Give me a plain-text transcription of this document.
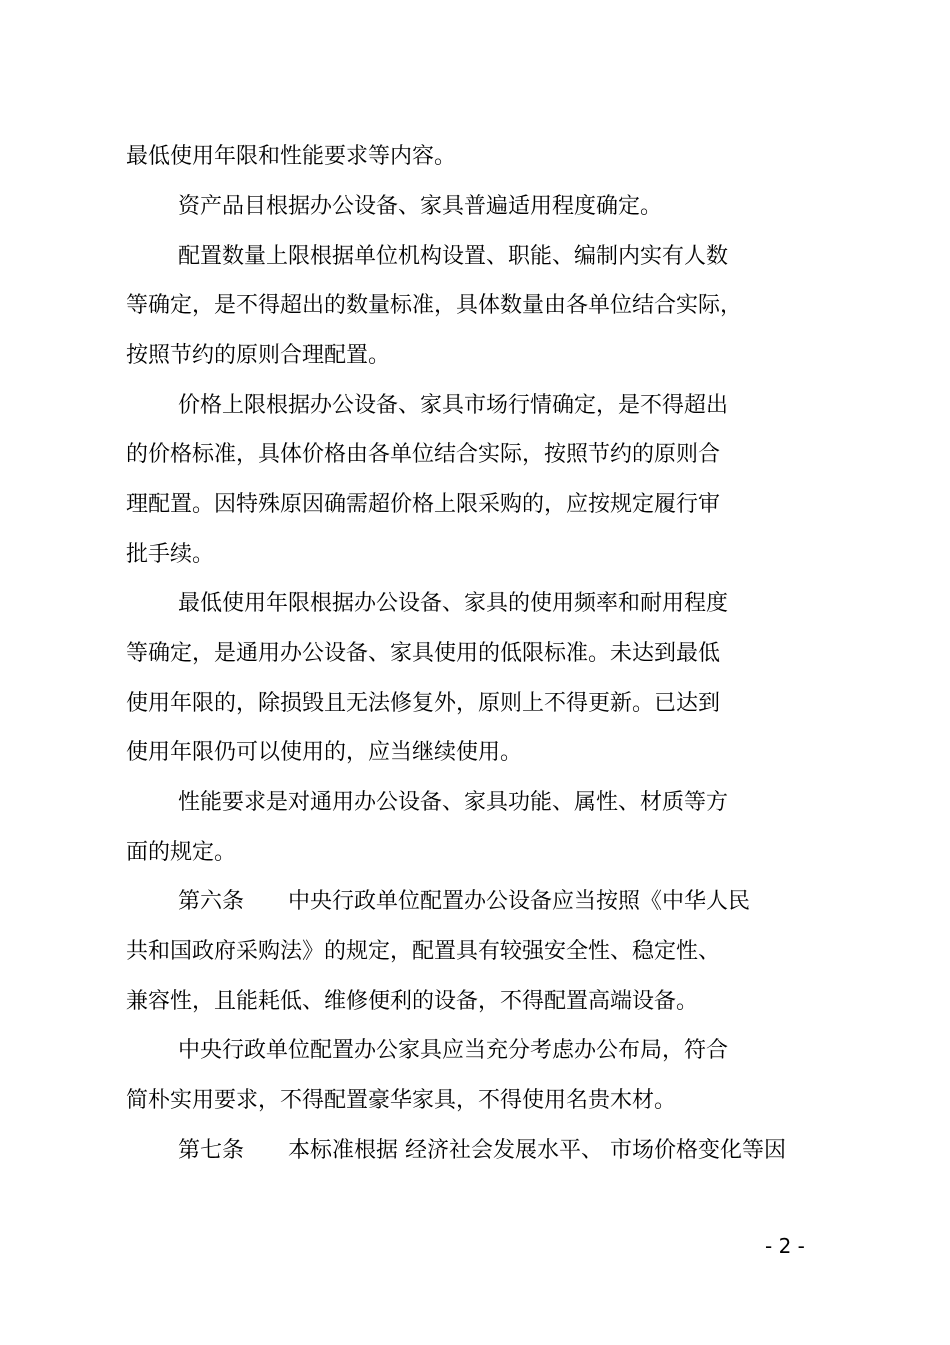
最低使用年限和性能要求等内容。
资产品目根据办公设备、家具普遍适用程度确定。
配置数量上限根据单位机构设置、职能、编制内实有人数
等确定，是不得超出的数量标准，具体数量由各单位结合实际，
按照节约的原则合理配置。
价格上限根据办公设备、家具市场行情确定，是不得超出
的价格标准，具体价格由各单位结合实际，按照节约的原则合
理配置。因特殊原因确需超价格上限采购的，应按规定履行审
批手续。
最低使用年限根据办公设备、家具的使用频率和耐用程度
等确定，是通用办公设备、家具使用的低限标准。未达到最低
使用年限的，除损毁且无法修复外，原则上不得更新。已达到
使用年限仍可以使用的，应当继续使用。
性能要求是对通用办公设备、家具功能、属性、材质等方
面的规定。
第六条　　中央行政单位配置办公设备应当按照《中华人民
共和国政府采购法》的规定，配置具有较强安全性、稳定性、
兼容性，且能耗低、维修便利的设备，不得配置高端设备。
中央行政单位配置办公家具应当充分考虑办公布局，符合
简朴实用要求，不得配置豪华家具，不得使用名贵木材。
第七条　　本标准根据 经济社会发展水平、 市场价格变化等因
- 2 -
